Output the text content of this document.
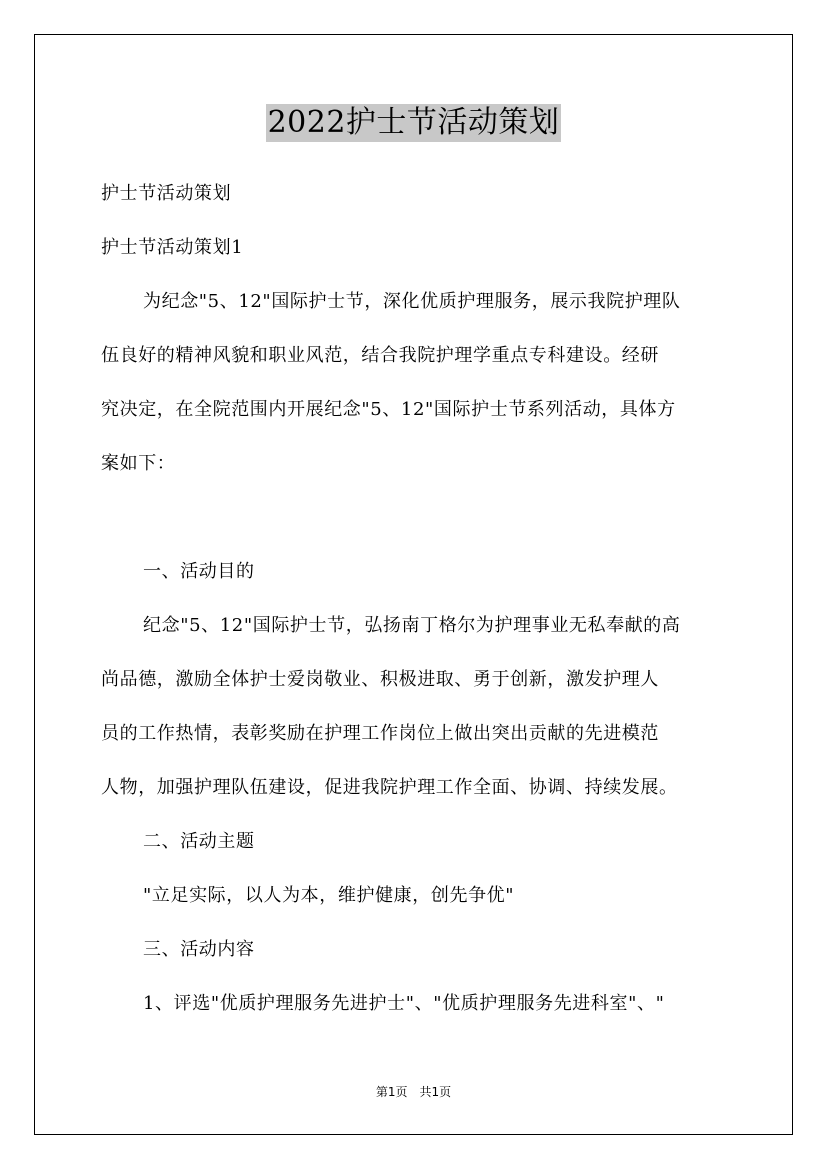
2022护士节活动策划
护士节活动策划
护士节活动策划1
为纪念"5、12"国际护士节，深化优质护理服务，展示我院护理队
伍良好的精神风貌和职业风范，结合我院护理学重点专科建设。经研
究决定，在全院范围内开展纪念"5、12"国际护士节系列活动，具体方
案如下：
一、活动目的
纪念"5、12"国际护士节，弘扬南丁格尔为护理事业无私奉献的高
尚品德，激励全体护士爱岗敬业、积极进取、勇于创新，激发护理人
员的工作热情，表彰奖励在护理工作岗位上做出突出贡献的先进模范
人物，加强护理队伍建设，促进我院护理工作全面、协调、持续发展。
二、活动主题
"立足实际，以人为本，维护健康，创先争优"
三、活动内容
1、评选"优质护理服务先进护士"、"优质护理服务先进科室"、"
第1页 共1页
